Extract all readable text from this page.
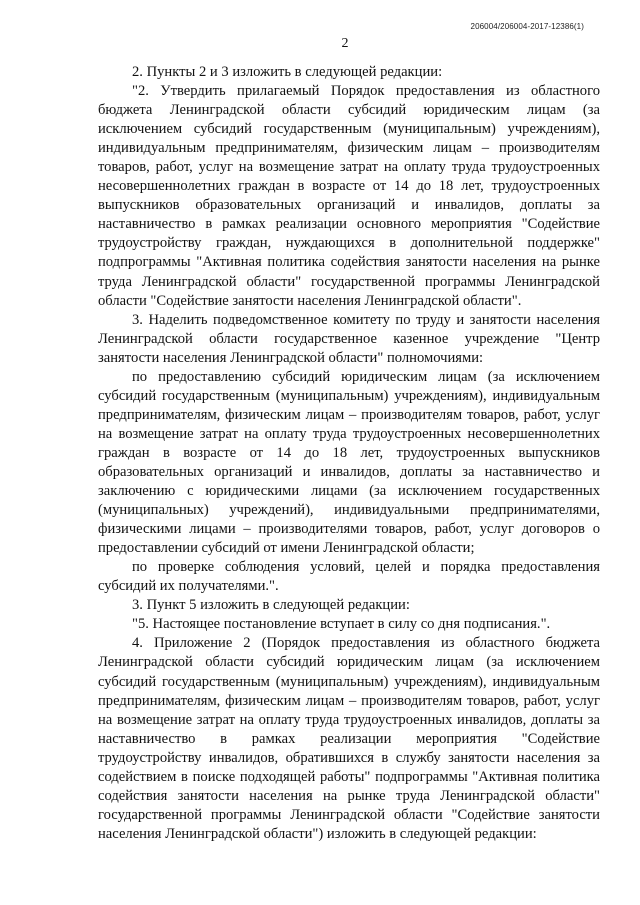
206004/206004-2017-12386(1)
2

2. Пункты 2 и 3 изложить в следующей редакции:

"2. Утвердить прилагаемый Порядок предоставления из областного бюджета Ленинградской области субсидий юридическим лицам (за исключением субсидий государственным (муниципальным) учреждениям), индивидуальным предпринимателям, физическим лицам – производителям товаров, работ, услуг на возмещение затрат на оплату труда трудоустроенных несовершеннолетних граждан в возрасте от 14 до 18 лет, трудоустроенных выпускников образовательных организаций и инвалидов, доплаты за наставничество в рамках реализации основного мероприятия "Содействие трудоустройству граждан, нуждающихся в дополнительной поддержке" подпрограммы "Активная политика содействия занятости населения на рынке труда Ленинградской области" государственной программы Ленинградской области "Содействие занятости населения Ленинградской области".

3. Наделить подведомственное комитету по труду и занятости населения Ленинградской области государственное казенное учреждение "Центр занятости населения Ленинградской области" полномочиями:

по предоставлению субсидий юридическим лицам (за исключением субсидий государственным (муниципальным) учреждениям), индивидуальным предпринимателям, физическим лицам – производителям товаров, работ, услуг на возмещение затрат на оплату труда трудоустроенных несовершеннолетних граждан в возрасте от 14 до 18 лет, трудоустроенных выпускников образовательных организаций и инвалидов, доплаты за наставничество и заключению с юридическими лицами (за исключением государственных (муниципальных) учреждений), индивидуальными предпринимателями, физическими лицами – производителями товаров, работ, услуг договоров о предоставлении субсидий от имени Ленинградской области;

по проверке соблюдения условий, целей и порядка предоставления субсидий их получателями.".

3. Пункт 5 изложить в следующей редакции:

"5. Настоящее постановление вступает в силу со дня подписания.".

4. Приложение 2 (Порядок предоставления из областного бюджета Ленинградской области субсидий юридическим лицам (за исключением субсидий государственным (муниципальным) учреждениям), индивидуальным предпринимателям, физическим лицам – производителям товаров, работ, услуг на возмещение затрат на оплату труда трудоустроенных инвалидов, доплаты за наставничество в рамках реализации мероприятия "Содействие трудоустройству инвалидов, обратившихся в службу занятости населения за содействием в поиске подходящей работы" подпрограммы "Активная политика содействия занятости населения на рынке труда Ленинградской области" государственной программы Ленинградской области "Содействие занятости населения Ленинградской области") изложить в следующей редакции:
